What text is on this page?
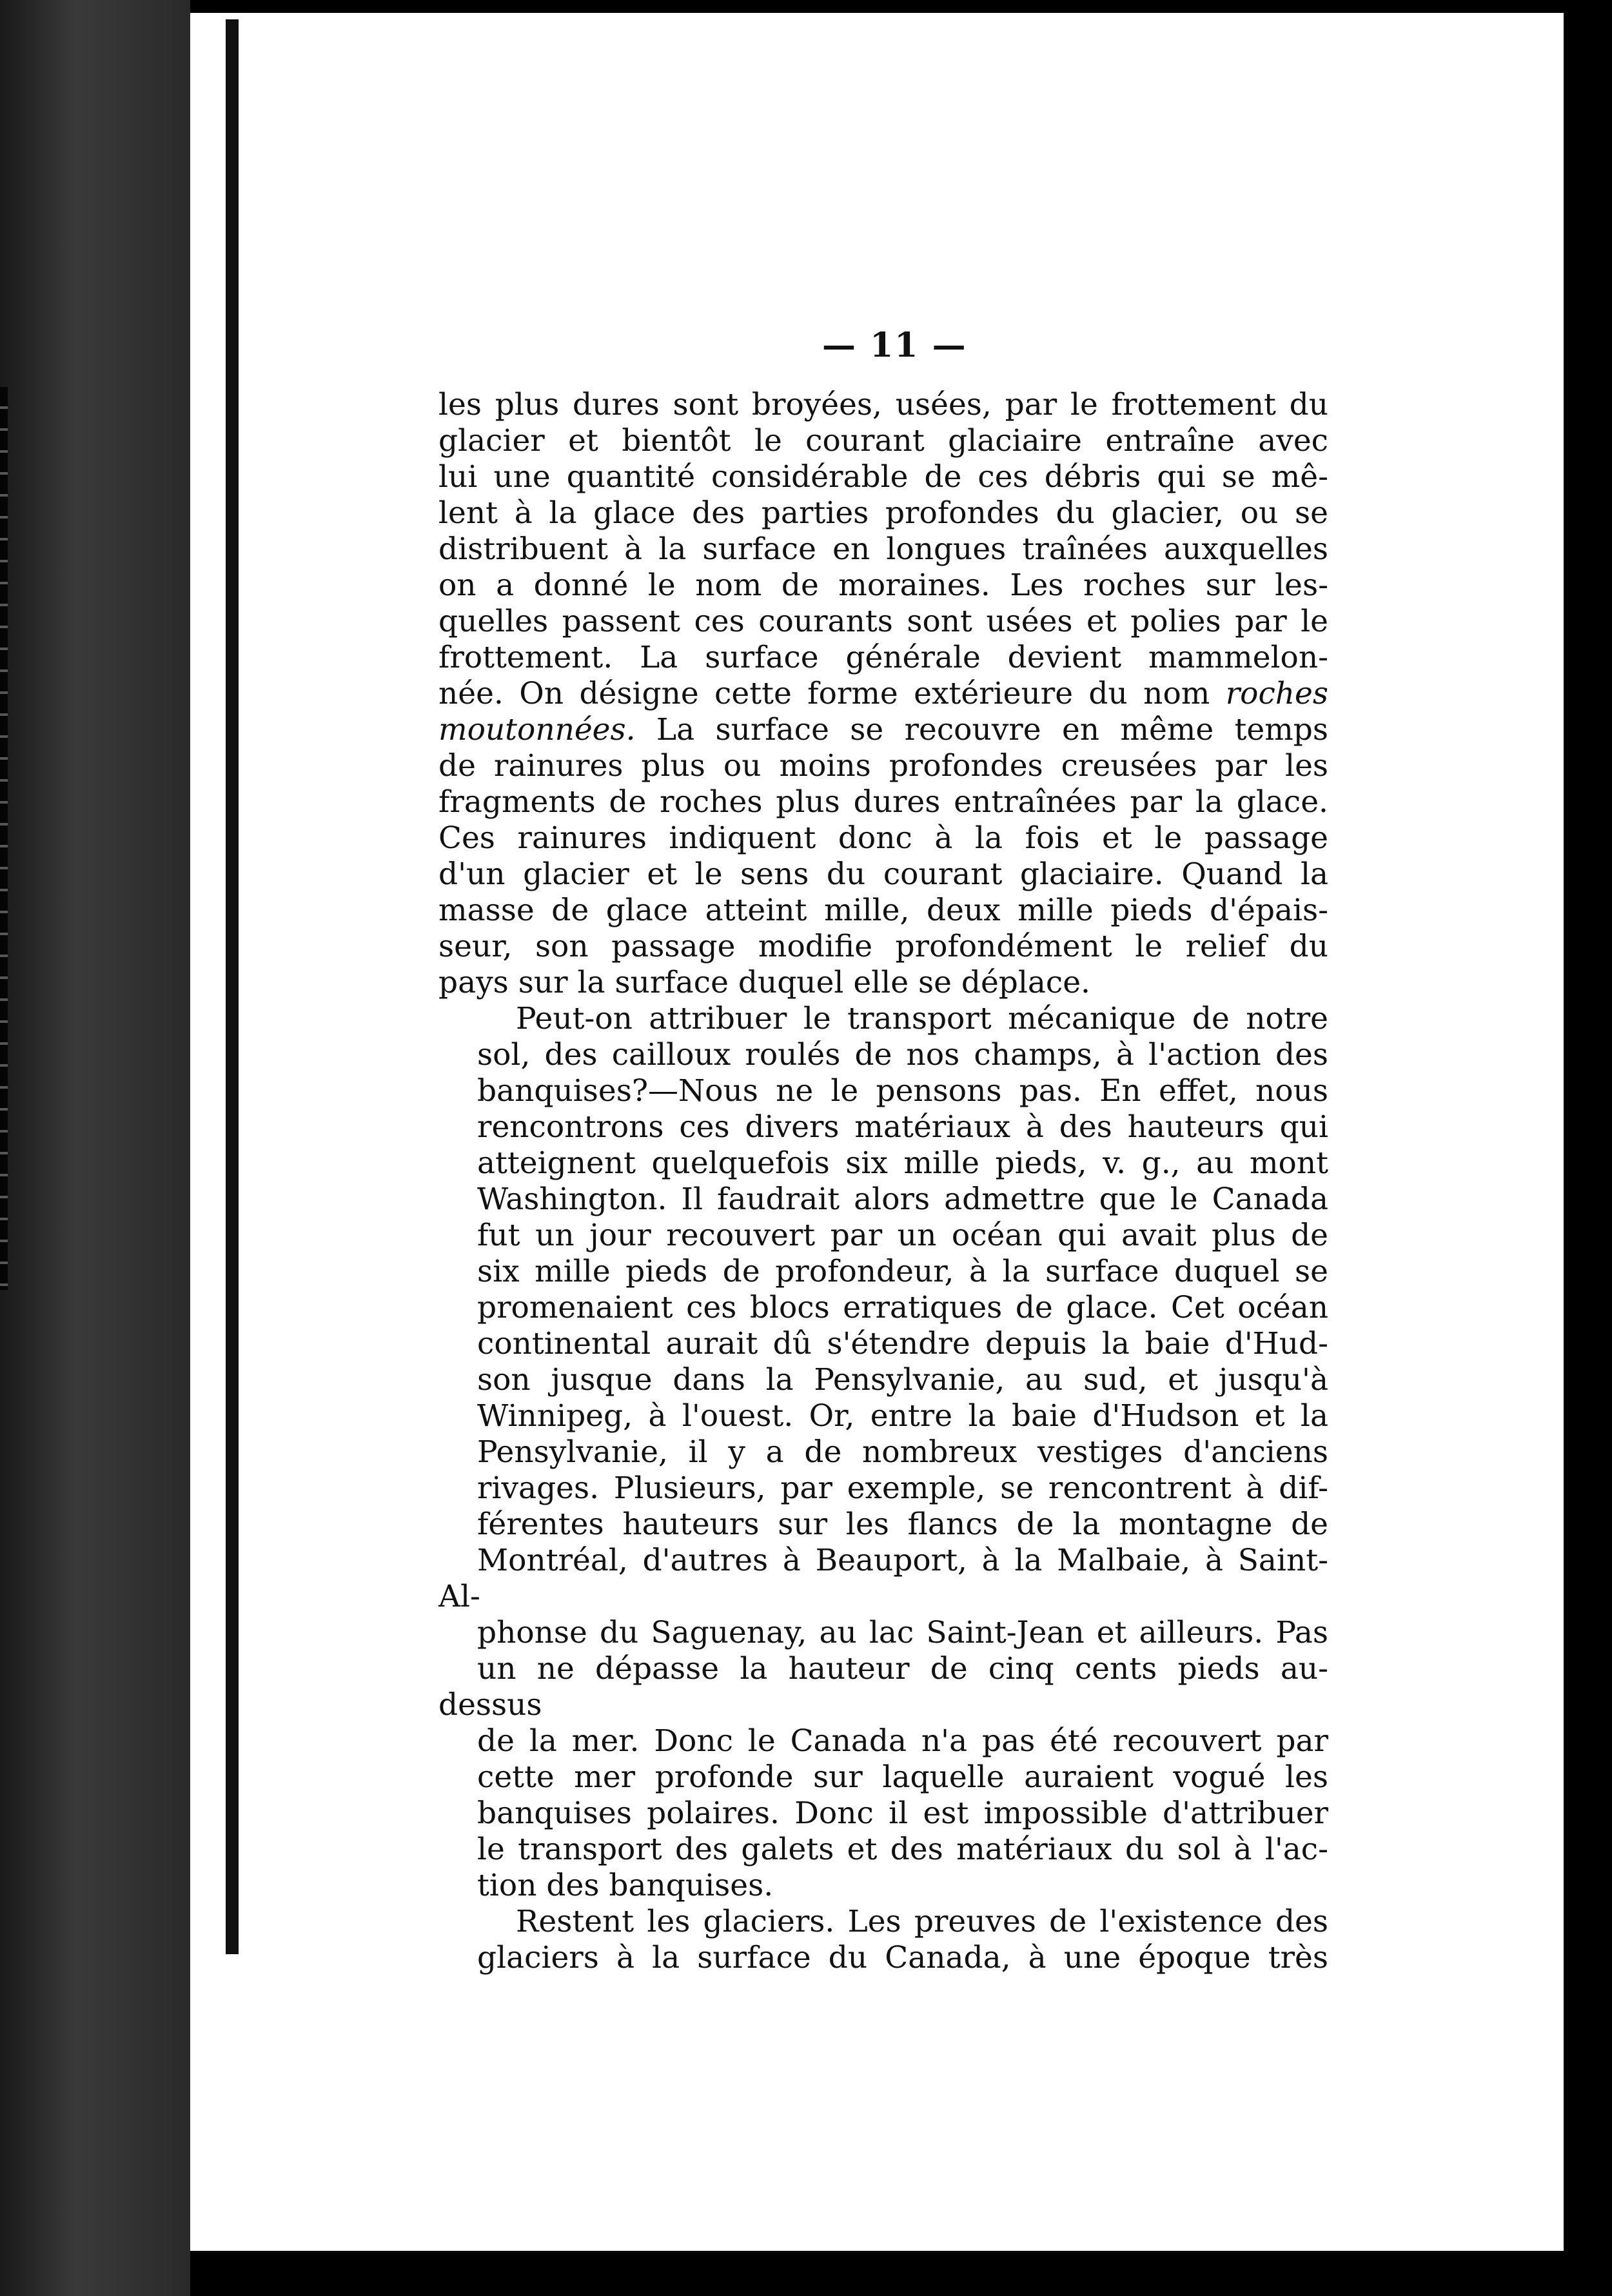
— 11 —

les plus dures sont broyées, usées, par le frottement du
glacier et bientôt le courant glaciaire entraîne avec
lui une quantité considérable de ces débris qui se mê-
lent à la glace des parties profondes du glacier, ou se
distribuent à la surface en longues traînées auxquelles
on a donné le nom de moraines. Les roches sur les-
quelles passent ces courants sont usées et polies par le
frottement. La surface générale devient mammelon-
née. On désigne cette forme extérieure du nom roches
moutonnées. La surface se recouvre en même temps
de rainures plus ou moins profondes creusées par les
fragments de roches plus dures entraînées par la glace.
Ces rainures indiquent donc à la fois et le passage
d'un glacier et le sens du courant glaciaire. Quand la
masse de glace atteint mille, deux mille pieds d'épais-
seur, son passage modifie profondément le relief du
pays sur la surface duquel elle se déplace.

Peut-on attribuer le transport mécanique de notre
sol, des cailloux roulés de nos champs, à l'action des
banquises?—Nous ne le pensons pas. En effet, nous
rencontrons ces divers matériaux à des hauteurs qui
atteignent quelquefois six mille pieds, v. g., au mont
Washington. Il faudrait alors admettre que le Canada
fut un jour recouvert par un océan qui avait plus de
six mille pieds de profondeur, à la surface duquel se
promenaient ces blocs erratiques de glace. Cet océan
continental aurait dû s'étendre depuis la baie d'Hud-
son jusque dans la Pensylvanie, au sud, et jusqu'à
Winnipeg, à l'ouest. Or, entre la baie d'Hudson et la
Pensylvanie, il y a de nombreux vestiges d'anciens
rivages. Plusieurs, par exemple, se rencontrent à dif-
férentes hauteurs sur les flancs de la montagne de
Montréal, d'autres à Beauport, à la Malbaie, à Saint-Al-
phonse du Saguenay, au lac Saint-Jean et ailleurs. Pas
un ne dépasse la hauteur de cinq cents pieds au-dessus
de la mer. Donc le Canada n'a pas été recouvert par
cette mer profonde sur laquelle auraient vogué les
banquises polaires. Donc il est impossible d'attribuer
le transport des galets et des matériaux du sol à l'ac-
tion des banquises.

Restent les glaciers. Les preuves de l'existence des
glaciers à la surface du Canada, à une époque très
